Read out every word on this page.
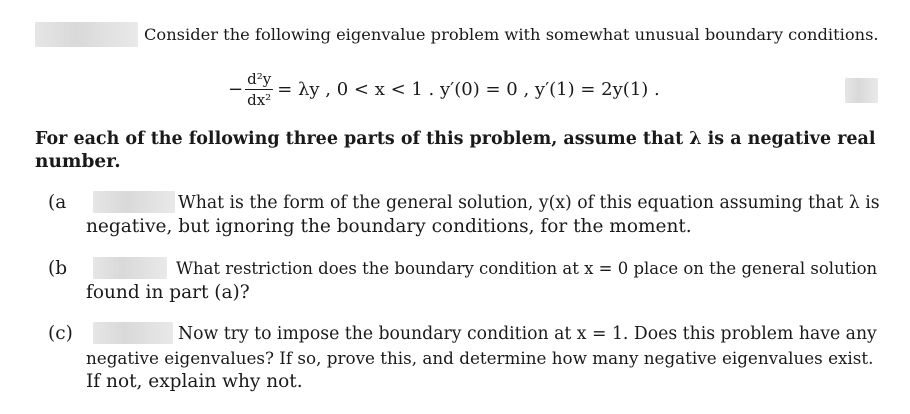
Consider the following eigenvalue problem with somewhat unusual boundary conditions.
− $\frac{\text{d²y}}{\text{dx²}} = \lambda y$ , 0 < x < 1 . y′(0) = 0 , y′(1) = 2y(1) .
For each of the following three parts of this problem, assume that λ is a negative real
number.
(a	What is the form of the general solution, y(x) of this equation assuming that λ is
negative, but ignoring the boundary conditions, for the moment.
(b	What restriction does the boundary condition at x = 0 place on the general solution
found in part (a)?
(c)	Now try to impose the boundary condition at x = 1. Does this problem have any
negative eigenvalues? If so, prove this, and determine how many negative eigenvalues exist.
If not, explain why not.
